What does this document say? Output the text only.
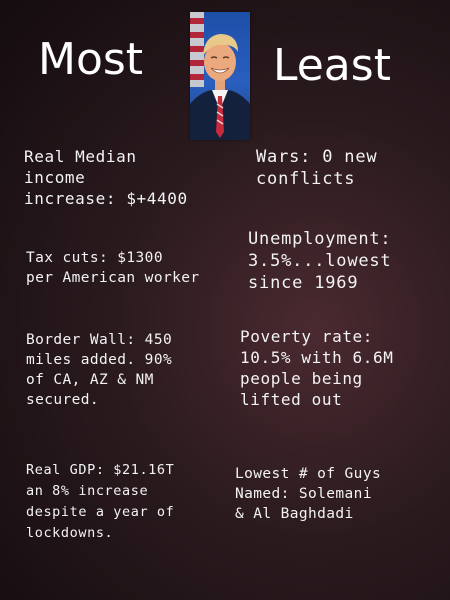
Most	Least

Real Median
income
increase: $+4400

Tax cuts: $1300
per American worker

Border Wall: 450
miles added. 90%
of CA, AZ & NM
secured.

Real GDP: $21.16T
an 8% increase
despite a year of
lockdowns.

Wars: 0 new
conflicts

Unemployment:
3.5%...lowest
since 1969

Poverty rate:
10.5% with 6.6M
people being
lifted out

Lowest # of Guys
Named: Solemani
& Al Baghdadi
